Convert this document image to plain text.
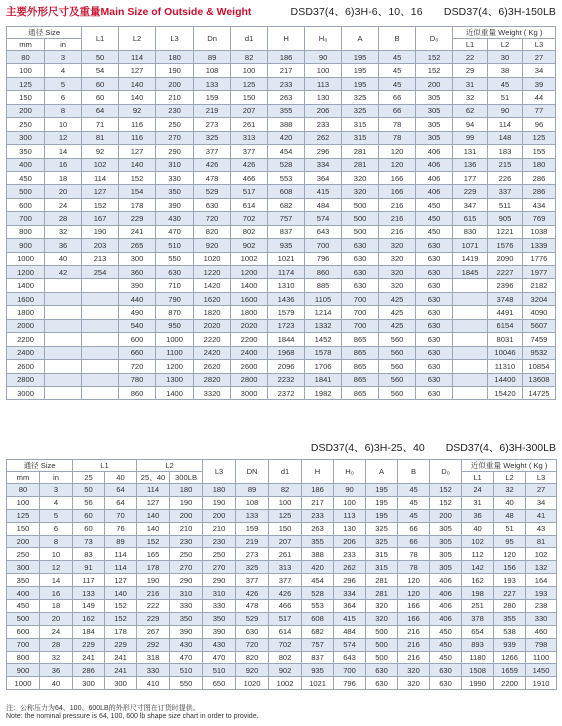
主要外形尺寸及重量Main Size of Outside & Weight	DSD37(4、6)3H-6、10、16　　DSD37(4、6)3H-150LB
通径 Size		L1	L2	L3	Dn	d1	H	H₀	A	B	D₀	近似重量 Weight ( Kg )		
mm	in											L1	L2	L3
80	3	50	114	180	89	82	186	90	195	45	152	22	30	27
100	4	54	127	190	108	100	217	100	195	45	152	29	38	34
125	5	60	140	200	133	125	233	113	195	45	200	31	45	39
150	6	60	140	210	159	150	263	130	325	66	305	32	51	44
200	8	64	92	230	219	207	355	206	325	66	305	62	90	77
250	10	71	116	250	273	261	388	233	315	78	305	94	114	96
300	12	81	116	270	325	313	420	262	315	78	305	99	148	125
350	14	92	127	290	377	377	454	296	281	120	406	131	183	155
400	16	102	140	310	426	426	528	334	281	120	406	136	215	180
450	18	114	152	330	478	466	553	364	320	166	406	177	226	286
500	20	127	154	350	529	517	608	415	320	166	406	229	337	286
600	24	152	178	390	630	614	682	484	500	216	450	347	511	434
700	28	167	229	430	720	702	757	574	500	216	450	615	905	769
800	32	190	241	470	820	802	837	643	500	216	450	830	1221	1038
900	36	203	265	510	920	902	935	700	630	320	630	1071	1576	1339
1000	40	213	300	550	1020	1002	1021	796	630	320	630	1419	2090	1776
1200	42	254	360	630	1220	1200	1174	860	630	320	630	1845	2227	1977
1400			390	710	1420	1400	1310	885	630	320	630		2396	2182
1600			440	790	1620	1600	1436	1105	700	425	630		3748	3204
1800			490	870	1820	1800	1579	1214	700	425	630		4491	4090
2000			540	950	2020	2020	1723	1332	700	425	630		6154	5607
2200			600	1000	2220	2200	1844	1452	865	560	630		8031	7459
2400			660	1100	2420	2400	1968	1578	865	560	630		10046	9532
2600			720	1200	2620	2600	2096	1706	865	560	630		11310	10854
2800			780	1300	2820	2800	2232	1841	865	560	630		14400	13608
3000			860	1400	3320	3000	2372	1982	865	560	630		15420	14725
DSD37(4、6)3H-25、40　　DSD37(4、6)3H-300LB
通径 Size		L1		L2		L3	DN	d1	H	H₀	A	B	D₀	近似重量 Weight ( Kg )		
mm	in	25	40	25、40	300LB									L1	L2	L3
80	3	50	64	114	180	180	89	82	186	90	195	45	152	24	32	27
100	4	56	64	127	190	190	108	100	217	100	195	45	152	31	40	34
125	5	60	70	140	200	200	133	125	233	113	195	45	200	36	48	41
150	6	60	76	140	210	210	159	150	263	130	325	66	305	40	51	43
200	8	73	89	152	230	230	219	207	355	206	325	66	305	102	95	81
250	10	83	114	165	250	250	273	261	388	233	315	78	305	112	120	102
300	12	91	114	178	270	270	325	313	420	262	315	78	305	142	156	132
350	14	117	127	190	290	290	377	377	454	296	281	120	406	162	193	164
400	16	133	140	216	310	310	426	426	528	334	281	120	406	198	227	193
450	18	149	152	222	330	330	478	466	553	364	320	166	406	251	280	238
500	20	162	152	229	350	350	529	517	608	415	320	166	406	378	355	330
600	24	184	178	267	390	390	630	614	682	484	500	216	450	654	538	460
700	28	229	229	292	430	430	720	702	757	574	500	216	450	893	939	798
800	32	241	241	318	470	470	820	802	837	643	500	216	450	1180	1266	1100
900	36	286	241	330	510	510	920	902	935	700	630	320	630	1508	1659	1450
1000	40	300	300	410	550	650	1020	1002	1021	796	630	320	630	1990	2200	1910
注：公称压力为64、100、600LB的外形尺寸图在订货时提供。
Note: the nominal pressure is 64, 100, 600 lb shape size chart in order to provide.
